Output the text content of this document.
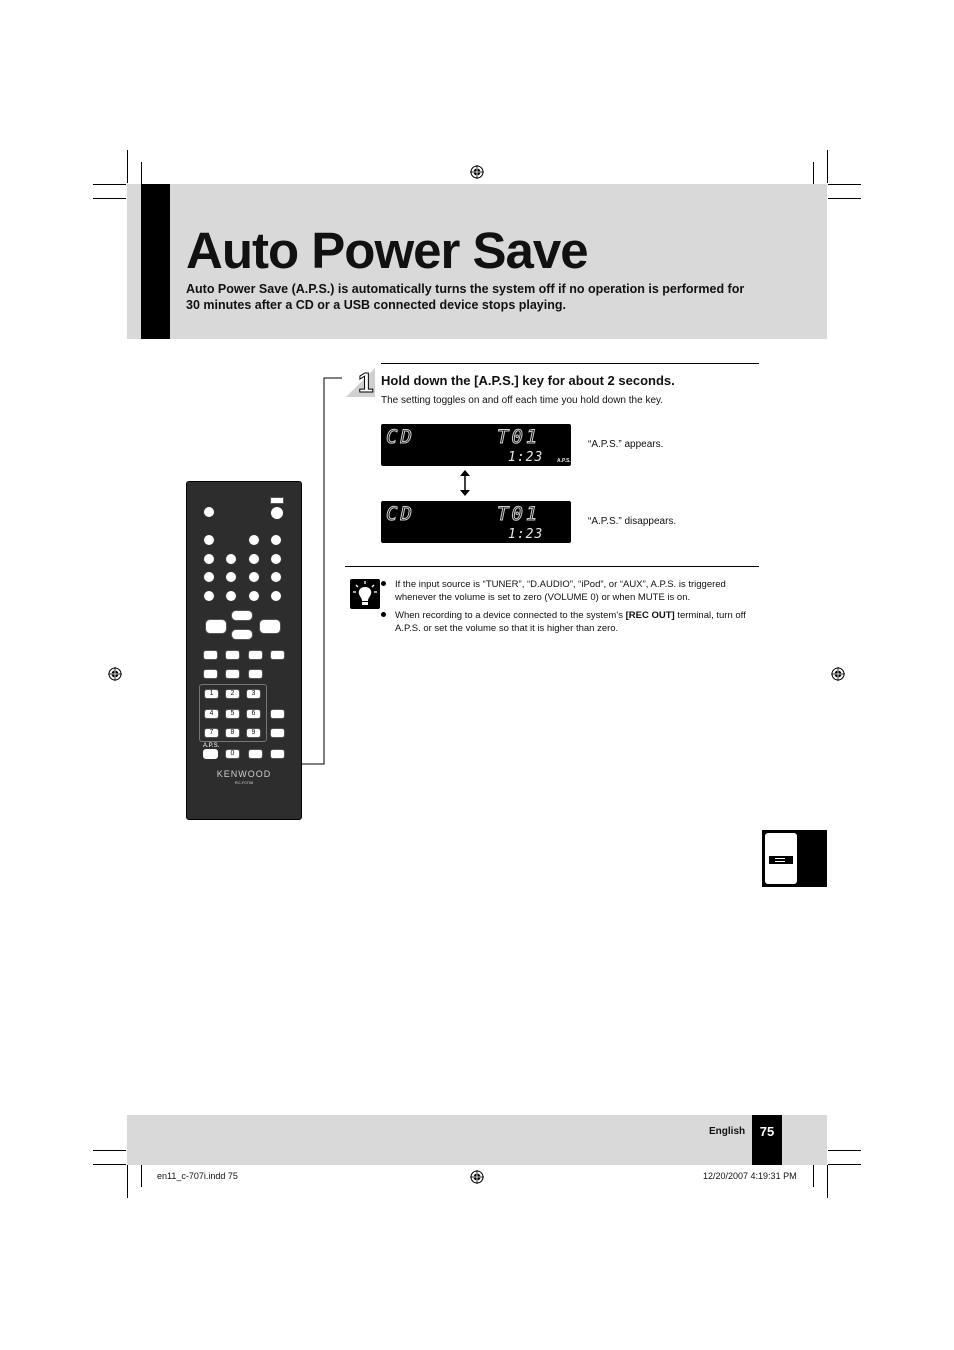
Auto Power Save
Auto Power Save (A.P.S.) is automatically turns the system off if no operation is performed for 30 minutes after a CD or a USB connected device stops playing.
1 Hold down the [A.P.S.] key for about 2 seconds.
The setting toggles on and off each time you hold down the key.
CD	T01
1:23	A.P.S.
“A.P.S.” appears.
CD	T01
1:23
“A.P.S.” disappears.
If the input source is “TUNER”, “D.AUDIO”, “iPod”, or “AUX”, A.P.S. is triggered whenever the volume is set to zero (VOLUME 0) or when MUTE is on.
When recording to a device connected to the system’s [REC OUT] terminal, turn off A.P.S. or set the volume so that it is higher than zero.
1	2	3
4	5	6
7	8	9
A.P.S.
0
KENWOOD
RC-F0708
English	75
en11_c-707i.indd 75	12/20/2007 4:19:31 PM
